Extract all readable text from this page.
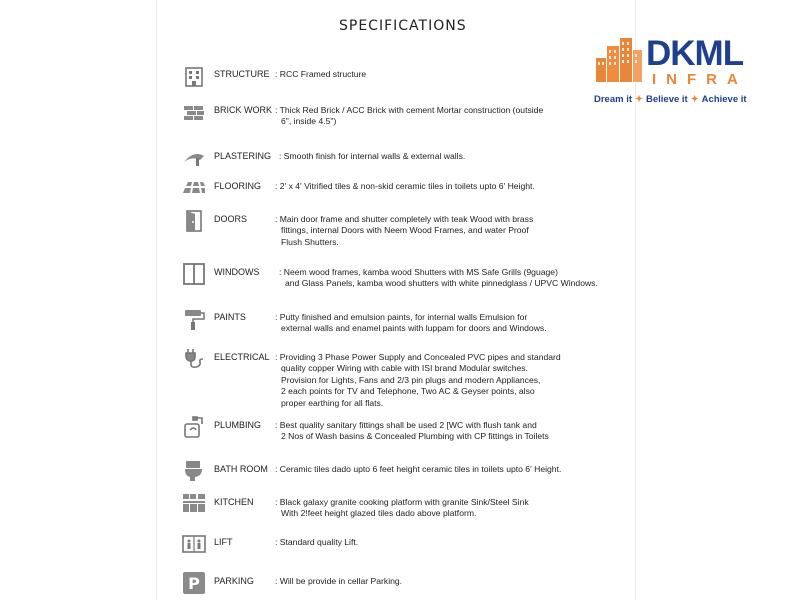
SPECIFICATIONS
DKML
INFRA
Dream it ✦ Believe it ✦ Achieve it
STRUCTURE : RCC Framed structure
BRICK WORK : Thick Red Brick / ACC Brick with cement Mortar construction (outside
6", inside 4.5")
PLASTERING : Smooth finish for internal walls & external walls.
FLOORING : 2' x 4' Vitrified tiles & non-skid ceramic tiles in toilets upto 6' Height.
DOORS	: Main door frame and shutter completely with teak Wood with brass
fittings, internal Doors with Neem Wood Frames, and water Proof
Flush Shutters.
WINDOWS : Neem wood frames, kamba wood Shutters with MS Safe Grills (9guage)
and Glass Panels, kamba wood shutters with white pinnedglass / UPVC Windows.
PAINTS	: Putty finished and emulsion paints, for internal walls Emulsion for
external walls and enamel paints with luppam for doors and Windows.
ELECTRICAL : Providing 3 Phase Power Supply and Concealed PVC pipes and standard
quality copper Wiring with cable with ISI brand Modular switches.
Provision for Lights, Fans and 2/3 pin plugs and modern Appliances,
2 each points for TV and Telephone, Two AC & Geyser points, also
proper earthing for all flats.
PLUMBING : Best quality sanitary fittings shall be used 2 [WC with flush tank and
2 Nos of Wash basins & Concealed Plumbing with CP fittings in Toilets
BATH ROOM : Ceramic tiles dado upto 6 feet height ceramic tiles in toilets upto 6' Height.
KITCHEN : Black galaxy granite cooking platform with granite Sink/Steel Sink
With 2!feet height glazed tiles dado above platform.
LIFT	: Standard quality Lift.
P PARKING : Will be provide in cellar Parking.
